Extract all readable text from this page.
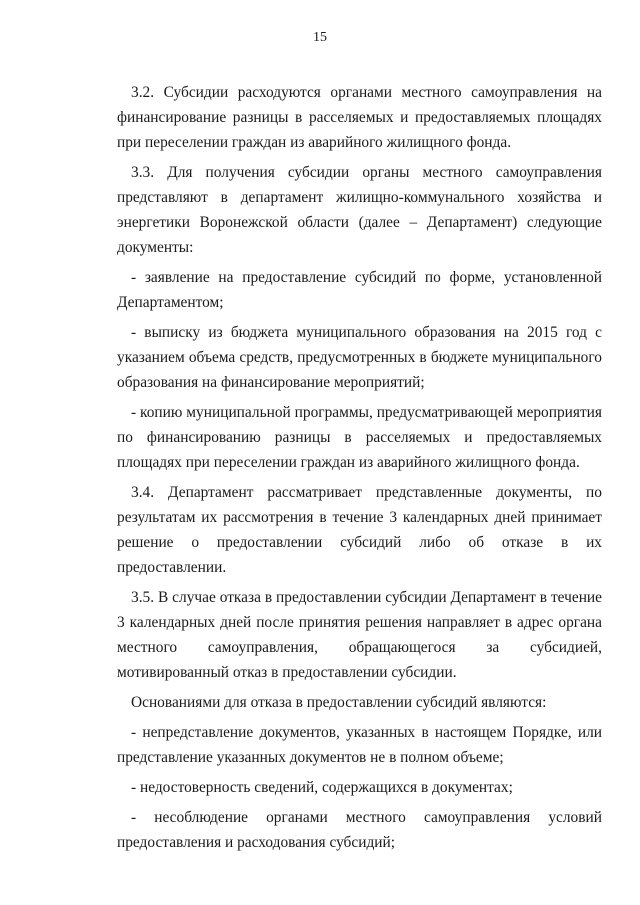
15

3.2. Субсидии расходуются органами местного самоуправления на финансирование разницы в расселяемых и предоставляемых площадях при переселении граждан из аварийного жилищного фонда.

3.3. Для получения субсидии органы местного самоуправления представляют в департамент жилищно-коммунального хозяйства и энергетики Воронежской области (далее – Департамент) следующие документы:

- заявление на предоставление субсидий по форме, установленной Департаментом;

- выписку из бюджета муниципального образования на 2015 год с указанием объема средств, предусмотренных в бюджете муниципального образования на финансирование мероприятий;

- копию муниципальной программы, предусматривающей мероприятия по финансированию разницы в расселяемых и предоставляемых площадях при переселении граждан из аварийного жилищного фонда.

3.4. Департамент рассматривает представленные документы, по результатам их рассмотрения в течение 3 календарных дней принимает решение о предоставлении субсидий либо об отказе в их предоставлении.

3.5. В случае отказа в предоставлении субсидии Департамент в течение 3 календарных дней после принятия решения направляет в адрес органа местного самоуправления, обращающегося за субсидией, мотивированный отказ в предоставлении субсидии.

Основаниями для отказа в предоставлении субсидий являются:

- непредставление документов, указанных в настоящем Порядке, или представление указанных документов не в полном объеме;

- недостоверность сведений, содержащихся в документах;

- несоблюдение органами местного самоуправления условий предоставления и расходования субсидий;
